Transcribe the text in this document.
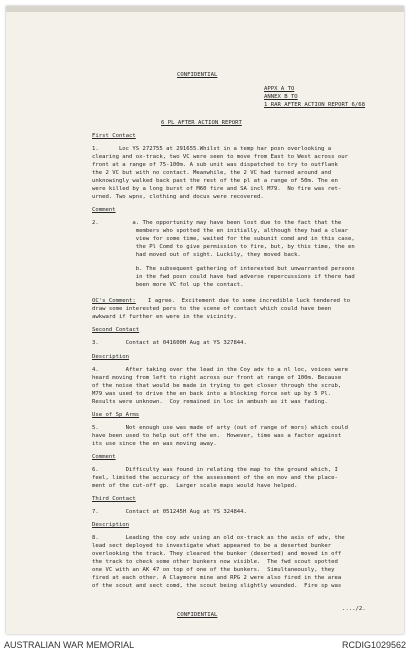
CONFIDENTIAL
APPX A TO
ANNEX B TO
1 RAR AFTER ACTION REPORT 6/68
6 PL AFTER ACTION REPORT
First Contact
1.      Loc YS 272755 at 291655.Whilst in a temp har posn overlooking a
clearing and ox-track, two VC were seen to move from East to West across our
front at a range of 75-100m. A sub unit was dispatched to try to outflank
the 2 VC but with no contact. Meanwhile, the 2 VC had turned around and
unknowingly walked back past the rest of the pl at a range of 50m. The en
were killed by a long burst of M60 fire and SA incl M79.  No fire was ret-
urned. Two wpns, clothing and docus were recovered.
Comment
2.          a. The opportunity may have been lost due to the fact that the
members who spotted the en initially, although they had a clear
view for some time, waited for the subunit comd and in this case,
the Pl Comd to give permission to fire, but, by this time, the en
had moved out of sight. Luckily, they moved back.
b. The subsequent gathering of interested but unwarranted persons
in the fwd posn could have had adverse repercussions if there had
been more VC fol up the contact.
OC's Comment: I agree.  Excitement due to some incredible luck tendered to
draw some interested pers to the scene of contact which could have been
awkward if further en were in the vicinity.
Second Contact
3.        Contact at 041600H Aug at YS 327844.
Description
4.        After taking over the lead in the Coy adv to a nl loc, voices were
heard moving from left to right across our front at range of 100m. Because
of the noise that would be made in trying to get closer through the scrub,
M79 was used to drive the en back into a blocking force set up by 5 Pl.
Results were unknown.  Coy remained in loc in ambush as it was fading.
Use of Sp Arms
5.        Not enough use was made of arty (out of range of mors) which could
have been used to help out off the en.  However, time was a factor against
its use since the en was moving away.
Comment
6.        Difficulty was found in relating the map to the ground which, I
feel, limited the accuracy of the assessment of the en mov and the place-
ment of the cut-off gp.  Larger scale maps would have helped.
Third Contact
7.        Contact at 051245H Aug at YS 324844.
Description
8.        Leading the coy adv using an old ox-track as the axis of adv, the
lead sect deployed to investigate what appeared to be a deserted bunker
overlooking the track. They cleared the bunker (deserted) and moved in off
the track to check some other bunkers now visible.  The fwd scout spotted
one VC with an AK 47 on top of one of the bunkers.  Simultaneously, they
fired at each other. A Claymore mine and RPG 2 were also fired in the area
of the scout and sect comd, the scout being slightly wounded.  Fire sp was
CONFIDENTIAL
..../2.
AUSTRALIAN WAR MEMORIAL	RCDIG1029562
